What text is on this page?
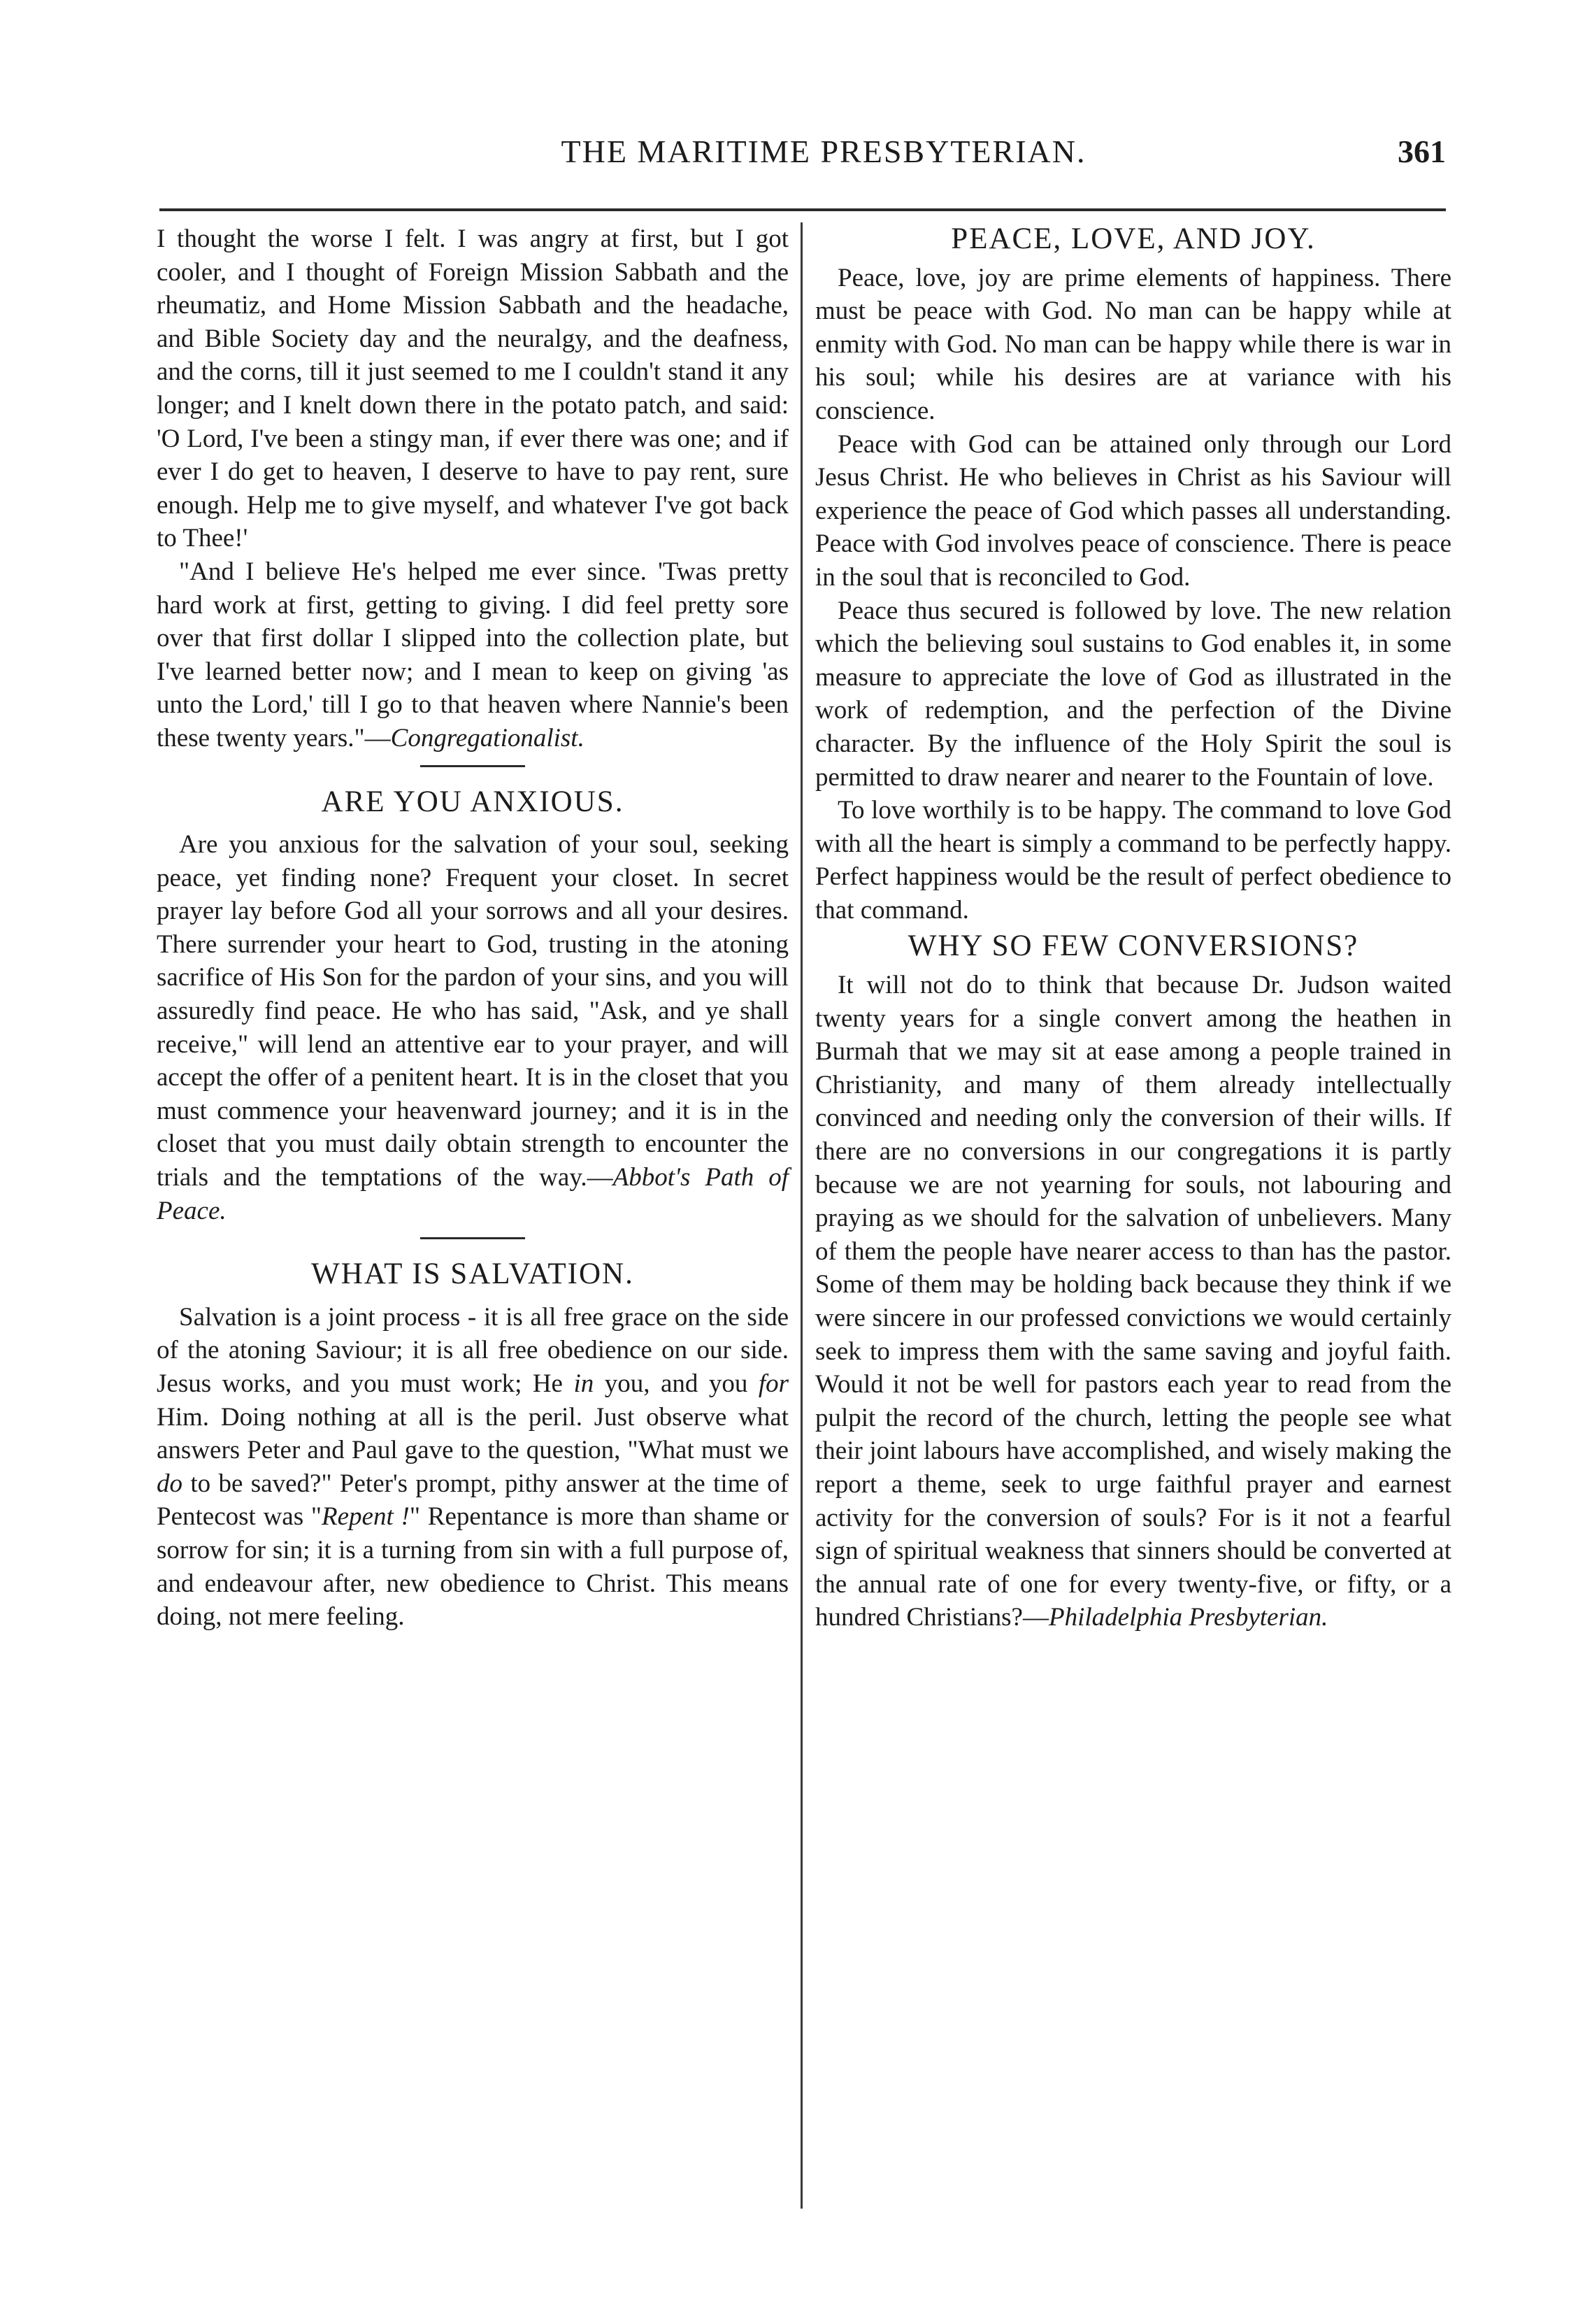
THE MARITIME PRESBYTERIAN.	361

I thought the worse I felt. I was angry at first, but I got cooler, and I thought of Foreign Mission Sabbath and the rheumatiz, and Home Mission Sabbath and the headache, and Bible Society day and the neuralgy, and the deafness, and the corns, till it just seemed to me I couldn't stand it any longer; and I knelt down there in the potato patch, and said: 'O Lord, I've been a stingy man, if ever there was one; and if ever I do get to heaven, I deserve to have to pay rent, sure enough. Help me to give myself, and whatever I've got back to Thee!'

"And I believe He's helped me ever since. 'Twas pretty hard work at first, getting to giving. I did feel pretty sore over that first dollar I slipped into the collection plate, but I've learned better now; and I mean to keep on giving 'as unto the Lord,' till I go to that heaven where Nannie's been these twenty years."—Congregationalist.

ARE YOU ANXIOUS.

Are you anxious for the salvation of your soul, seeking peace, yet finding none? Frequent your closet. In secret prayer lay before God all your sorrows and all your desires. There surrender your heart to God, trusting in the atoning sacrifice of His Son for the pardon of your sins, and you will assuredly find peace. He who has said, "Ask, and ye shall receive," will lend an attentive ear to your prayer, and will accept the offer of a penitent heart. It is in the closet that you must commence your heavenward journey; and it is in the closet that you must daily obtain strength to encounter the trials and the temptations of the way.—Abbot's Path of Peace.

WHAT IS SALVATION.

Salvation is a joint process - it is all free grace on the side of the atoning Saviour; it is all free obedience on our side. Jesus works, and you must work; He in you, and you for Him. Doing nothing at all is the peril. Just observe what answers Peter and Paul gave to the question, "What must we do to be saved?" Peter's prompt, pithy answer at the time of Pentecost was "Repent !" Repentance is more than shame or sorrow for sin; it is a turning from sin with a full purpose of, and endeavour after, new obedience to Christ. This means doing, not mere feeling.

PEACE, LOVE, AND JOY.

Peace, love, joy are prime elements of happiness. There must be peace with God. No man can be happy while at enmity with God. No man can be happy while there is war in his soul; while his desires are at variance with his conscience.

Peace with God can be attained only through our Lord Jesus Christ. He who believes in Christ as his Saviour will experience the peace of God which passes all understanding. Peace with God involves peace of conscience. There is peace in the soul that is reconciled to God.

Peace thus secured is followed by love. The new relation which the believing soul sustains to God enables it, in some measure to appreciate the love of God as illustrated in the work of redemption, and the perfection of the Divine character. By the influence of the Holy Spirit the soul is permitted to draw nearer and nearer to the Fountain of love.

To love worthily is to be happy. The command to love God with all the heart is simply a command to be perfectly happy. Perfect happiness would be the result of perfect obedience to that command.

WHY SO FEW CONVERSIONS?

It will not do to think that because Dr. Judson waited twenty years for a single convert among the heathen in Burmah that we may sit at ease among a people trained in Christianity, and many of them already intellectually convinced and needing only the conversion of their wills. If there are no conversions in our congregations it is partly because we are not yearning for souls, not labouring and praying as we should for the salvation of unbelievers. Many of them the people have nearer access to than has the pastor. Some of them may be holding back because they think if we were sincere in our professed convictions we would certainly seek to impress them with the same saving and joyful faith. Would it not be well for pastors each year to read from the pulpit the record of the church, letting the people see what their joint labours have accomplished, and wisely making the report a theme, seek to urge faithful prayer and earnest activity for the conversion of souls? For is it not a fearful sign of spiritual weakness that sinners should be converted at the annual rate of one for every twenty-five, or fifty, or a hundred Christians?—Philadelphia Presbyterian.
